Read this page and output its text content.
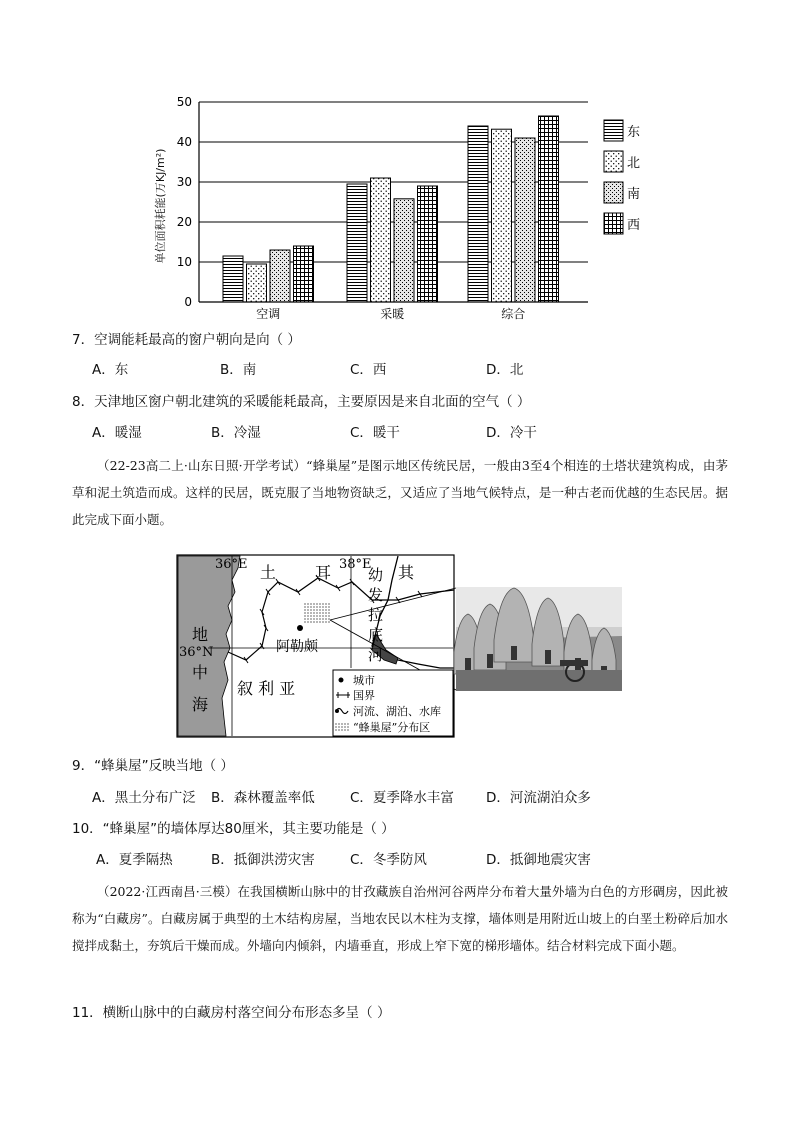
0
10
20
30
40
50
空调	采暖	综合
东
北
南
西
单位面积耗能(万KJ/m²)
7．空调能耗最高的窗户朝向是向（ ）
A．东	B．南	C．西	D．北
8．天津地区窗户朝北建筑的采暖能耗最高，主要原因是来自北面的空气（ ）
A．暖湿	B．冷湿	C．暖干	D．冷干
（22-23高二上·山东日照·开学考试）“蜂巢屋”是图示地区传统民居，一般由3至4个相连的土塔状建筑构成，由茅草和泥土筑造而成。这样的民居，既克服了当地物资缺乏，又适应了当地气候特点，是一种古老而优越的生态民居。据此完成下面小题。
36°E	38°E
36°N
土 耳	其
地
中
海
叙 利 亚
阿勒颇
幼
发
拉
底
河
城市
国界
河流、湖泊、水库
“蜂巢屋”分布区
9．“蜂巢屋”反映当地（ ）
A．黑土分布广泛 B．森林覆盖率低	C．夏季降水丰富 D．河流湖泊众多
10．“蜂巢屋”的墙体厚达80厘米，其主要功能是（ ）
A．夏季隔热	B．抵御洪涝灾害	C．冬季防风	D．抵御地震灾害
（2022·江西南昌·三模）在我国横断山脉中的甘孜藏族自治州河谷两岸分布着大量外墙为白色的方形碉房，因此被称为“白藏房”。白藏房属于典型的土木结构房屋，当地农民以木柱为支撑，墙体则是用附近山坡上的白垩土粉碎后加水搅拌成黏土，夯筑后干燥而成。外墙向内倾斜，内墙垂直，形成上窄下宽的梯形墙体。结合材料完成下面小题。
11．横断山脉中的白藏房村落空间分布形态多呈（ ）
